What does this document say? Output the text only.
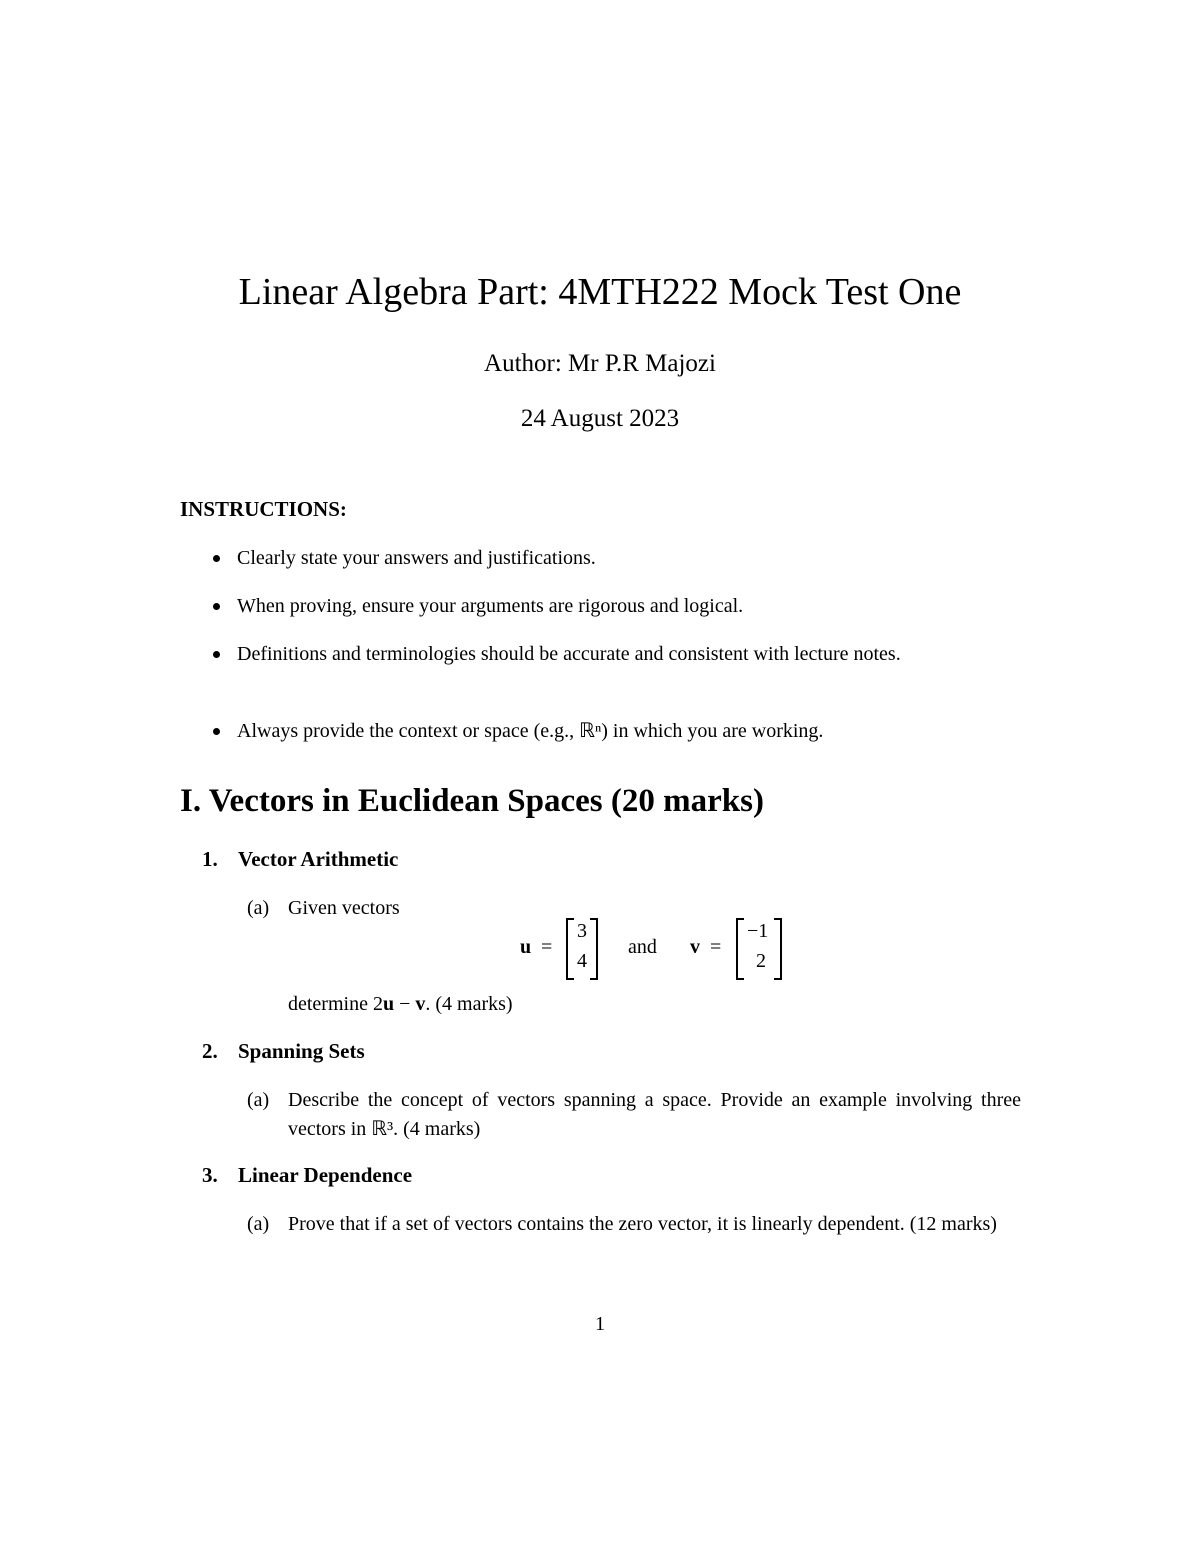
Linear Algebra Part: 4MTH222 Mock Test One
Author: Mr P.R Majozi
24 August 2023
INSTRUCTIONS:
Clearly state your answers and justifications.
When proving, ensure your arguments are rigorous and logical.
Definitions and terminologies should be accurate and consistent with lecture notes.
Always provide the context or space (e.g., ℝⁿ) in which you are working.
I. Vectors in Euclidean Spaces (20 marks)
1. Vector Arithmetic
(a) Given vectors
u =
3
4
and v =
−1
2
determine 2u − v. (4 marks)
2. Spanning Sets
(a) Describe the concept of vectors spanning a space. Provide an example involving three vectors in ℝ³. (4 marks)
3. Linear Dependence
(a) Prove that if a set of vectors contains the zero vector, it is linearly dependent. (12 marks)
1
